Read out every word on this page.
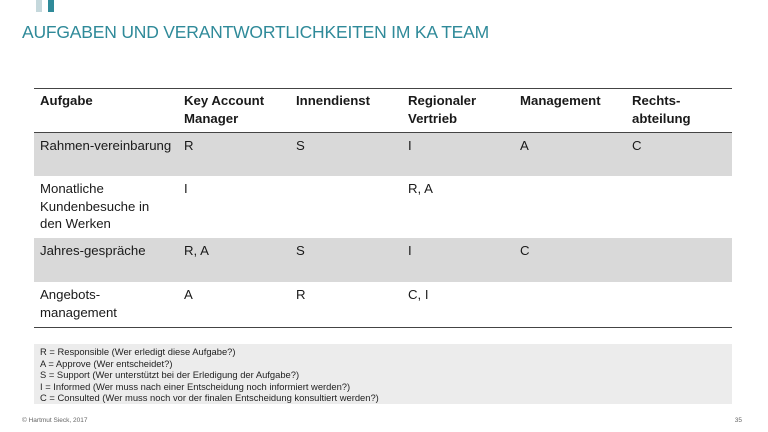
AUFGABEN UND VERANTWORTLICHKEITEN IM KA TEAM
Aufgabe	Key Account Manager	Innendienst	Regionaler Vertrieb	Management	Rechts-abteilung
Rahmen-vereinbarung	R	S	I	A	C
Monatliche Kundenbesuche in den Werken	I		R, A		
Jahres-gespräche	R, A	S	I	C	
Angebots-management	A	R	C, I		
R = Responsible (Wer erledigt diese Aufgabe?)
A = Approve (Wer entscheidet?)
S = Support (Wer unterstützt bei der Erledigung der Aufgabe?)
I = Informed (Wer muss nach einer Entscheidung noch informiert werden?)
C = Consulted (Wer muss noch vor der finalen Entscheidung konsultiert werden?)
© Hartmut Sieck, 2017	35
